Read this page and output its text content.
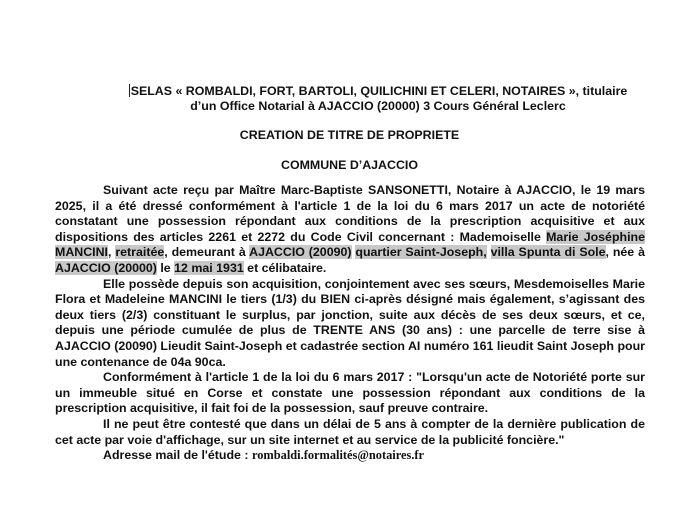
SELAS « ROMBALDI, FORT, BARTOLI, QUILICHINI ET CELERI, NOTAIRES », titulaire
d’un Office Notarial à AJACCIO (20000) 3 Cours Général Leclerc
CREATION DE TITRE DE PROPRIETE
COMMUNE D’AJACCIO

Suivant acte reçu par Maître Marc-Baptiste SANSONETTI, Notaire à AJACCIO, le 19 mars 2025, il a été dressé conformément à l'article 1 de la loi du 6 mars 2017 un acte de notoriété constatant une possession répondant aux conditions de la prescription acquisitive et aux dispositions des articles 2261 et 2272 du Code Civil concernant : Mademoiselle Marie Joséphine MANCINI, retraitée, demeurant à AJACCIO (20090) quartier Saint-Joseph, villa Spunta di Sole, née à AJACCIO (20000) le 12 mai 1931 et célibataire.

Elle possède depuis son acquisition, conjointement avec ses sœurs, Mesdemoiselles Marie Flora et Madeleine MANCINI le tiers (1/3) du BIEN ci-après désigné mais également, s’agissant des deux tiers (2/3) constituant le surplus, par jonction, suite aux décès de ses deux sœurs, et ce, depuis une période cumulée de plus de TRENTE ANS (30 ans) : une parcelle de terre sise à AJACCIO (20090) Lieudit Saint-Joseph et cadastrée section AI numéro 161 lieudit Saint Joseph pour une contenance de 04a 90ca.

Conformément à l'article 1 de la loi du 6 mars 2017 : "Lorsqu'un acte de Notoriété porte sur un immeuble situé en Corse et constate une possession répondant aux conditions de la prescription acquisitive, il fait foi de la possession, sauf preuve contraire.

Il ne peut être contesté que dans un délai de 5 ans à compter de la dernière publication de cet acte par voie d'affichage, sur un site internet et au service de la publicité foncière."

Adresse mail de l'étude : rombaldi.formalités@notaires.fr
